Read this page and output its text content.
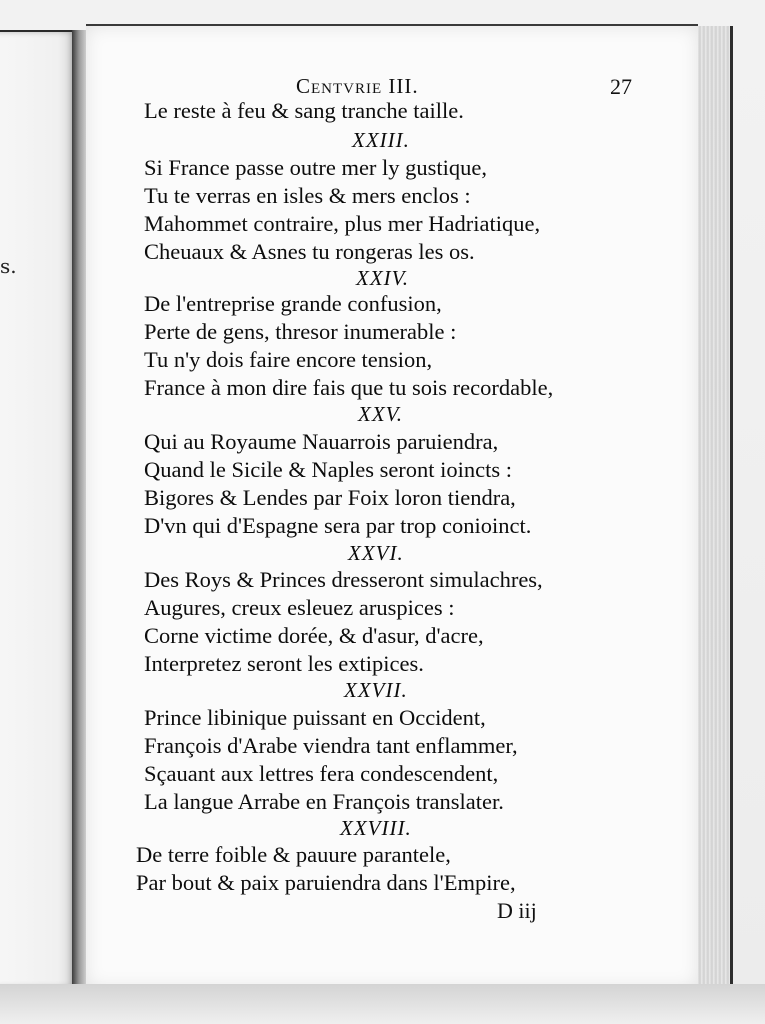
s.

Centvrie III.	27
Le reste à feu & sang tranche taille.
XXIII.
Si France passe outre mer ly gustique,
Tu te verras en isles & mers enclos :
Mahommet contraire, plus mer Hadriatique,
Cheuaux & Asnes tu rongeras les os.
XXIV.
De l'entreprise grande confusion,
Perte de gens, thresor inumerable :
Tu n'y dois faire encore tension,
France à mon dire fais que tu sois recordable,
XXV.
Qui au Royaume Nauarrois paruiendra,
Quand le Sicile & Naples seront ioincts :
Bigores & Lendes par Foix loron tiendra,
D'vn qui d'Espagne sera par trop conioinct.
XXVI.
Des Roys & Princes dresseront simulachres,
Augures, creux esleuez aruspices :
Corne victime dorée, & d'asur, d'acre,
Interpretez seront les extipices.
XXVII.
Prince libinique puissant en Occident,
François d'Arabe viendra tant enflammer,
Sçauant aux lettres fera condescendent,
La langue Arrabe en François translater.
XXVIII.
De terre foible & pauure parantele,
Par bout & paix paruiendra dans l'Empire,
D iij
